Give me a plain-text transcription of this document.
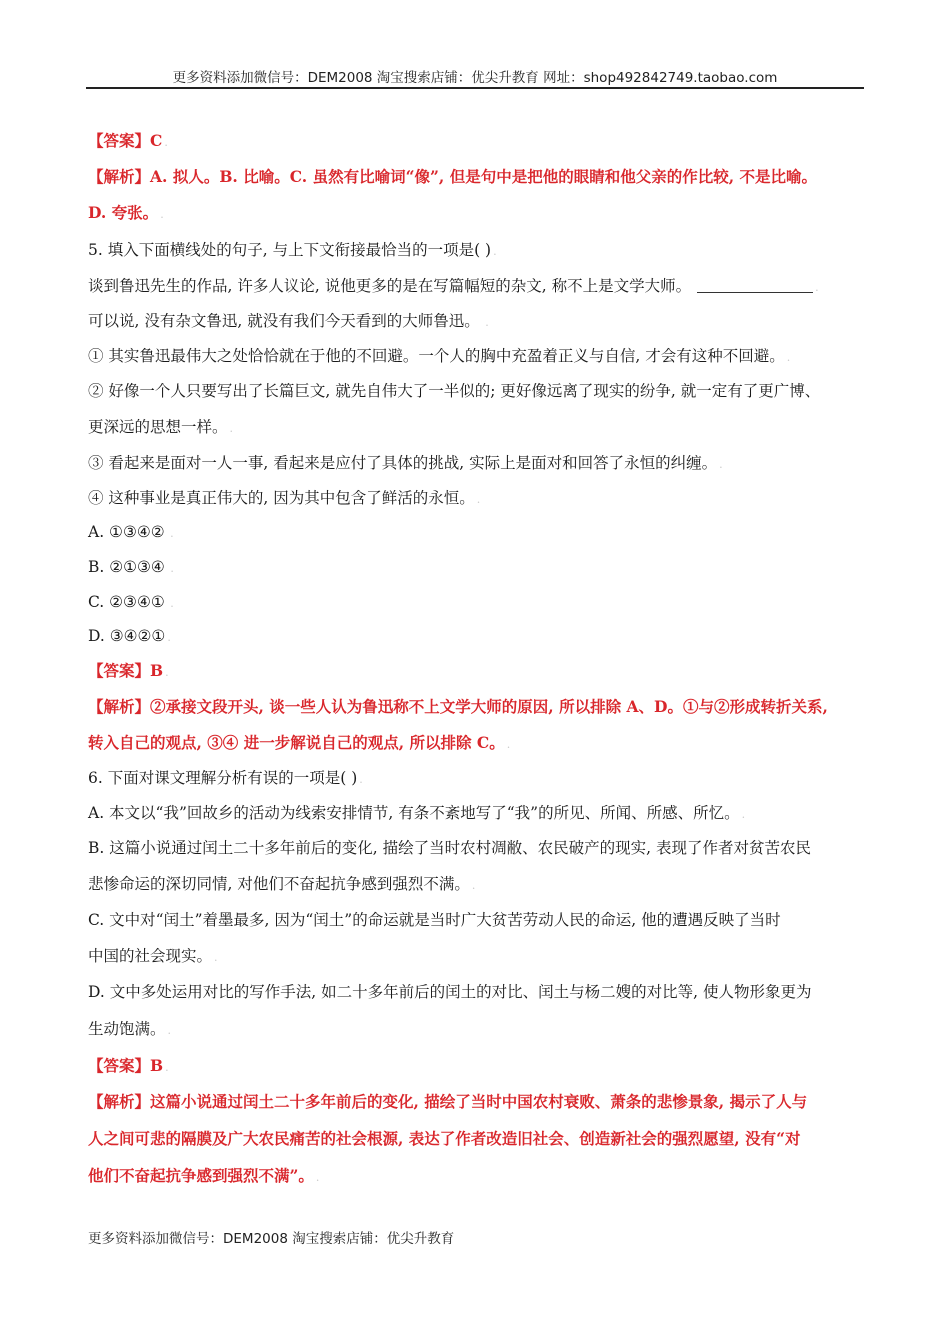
更多资料添加微信号：DEM2008 淘宝搜索店铺：优尖升教育 网址：shop492842749.taobao.com
【答案】C .
【解析】A. 拟人。B. 比喻。C. 虽然有比喻词“像”, 但是句中是把他的眼睛和他父亲的作比较, 不是比喻。
D. 夸张。 .
5. 填入下面横线处的句子, 与上下文衔接最恰当的一项是( ) .
谈到鲁迅先生的作品, 许多人议论, 说他更多的是在写篇幅短的杂文, 称不上是文学大师。	.
可以说, 没有杂文鲁迅, 就没有我们今天看到的大师鲁迅。 .
① 其实鲁迅最伟大之处恰恰就在于他的不回避。一个人的胸中充盈着正义与自信, 才会有这种不回避。 .
② 好像一个人只要写出了长篇巨文, 就先自伟大了一半似的; 更好像远离了现实的纷争, 就一定有了更广博、
更深远的思想一样。 .
③ 看起来是面对一人一事, 看起来是应付了具体的挑战, 实际上是面对和回答了永恒的纠缠。 .
④ 这种事业是真正伟大的, 因为其中包含了鲜活的永恒。 .
A. ①③④② .
B. ②①③④ .
C. ②③④① .
D. ③④②① .
【答案】B .
【解析】②承接文段开头, 谈一些人认为鲁迅称不上文学大师的原因, 所以排除 A、D。①与②形成转折关系,
转入自己的观点, ③④ 进一步解说自己的观点, 所以排除 C。 .
6. 下面对课文理解分析有误的一项是( ) .
A. 本文以“我”回故乡的活动为线索安排情节, 有条不紊地写了“我”的所见、所闻、所感、所忆。 .
B. 这篇小说通过闰土二十多年前后的变化, 描绘了当时农村凋敝、农民破产的现实, 表现了作者对贫苦农民
悲惨命运的深切同情, 对他们不奋起抗争感到强烈不满。 .
C. 文中对“闰土”着墨最多, 因为“闰土”的命运就是当时广大贫苦劳动人民的命运, 他的遭遇反映了当时
中国的社会现实。 .
D. 文中多处运用对比的写作手法, 如二十多年前后的闰土的对比、闰土与杨二嫂的对比等, 使人物形象更为
生动饱满。 .
【答案】B .
【解析】这篇小说通过闰土二十多年前后的变化, 描绘了当时中国农村衰败、萧条的悲惨景象, 揭示了人与
人之间可悲的隔膜及广大农民痛苦的社会根源, 表达了作者改造旧社会、创造新社会的强烈愿望, 没有“对
他们不奋起抗争感到强烈不满”。 .
更多资料添加微信号：DEM2008 淘宝搜索店铺：优尖升教育
